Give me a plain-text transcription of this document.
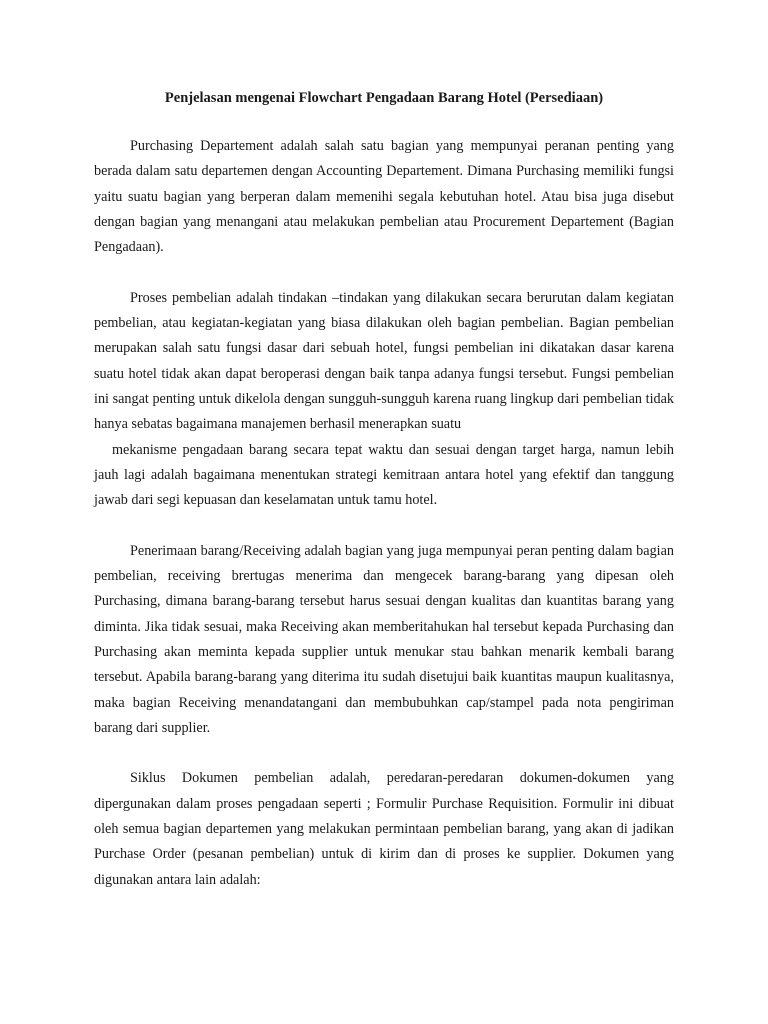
Penjelasan mengenai Flowchart Pengadaan Barang Hotel (Persediaan)

Purchasing Departement adalah salah satu bagian yang mempunyai peranan penting yang berada dalam satu departemen dengan Accounting Departement. Dimana Purchasing memiliki fungsi yaitu suatu bagian yang berperan dalam memenihi segala kebutuhan hotel. Atau bisa juga disebut dengan bagian yang menangani atau melakukan pembelian atau Procurement Departement (Bagian Pengadaan).

Proses pembelian adalah tindakan –tindakan yang dilakukan secara berurutan dalam kegiatan pembelian, atau kegiatan-kegiatan yang biasa dilakukan oleh bagian pembelian. Bagian pembelian merupakan salah satu fungsi dasar dari sebuah hotel, fungsi pembelian ini dikatakan dasar karena suatu hotel tidak akan dapat beroperasi dengan baik tanpa adanya fungsi tersebut. Fungsi pembelian ini sangat penting untuk dikelola dengan sungguh-sungguh karena ruang lingkup dari pembelian tidak hanya sebatas bagaimana manajemen berhasil menerapkan suatu

mekanisme pengadaan barang secara tepat waktu dan sesuai dengan target harga, namun lebih jauh lagi adalah bagaimana menentukan strategi kemitraan antara hotel yang efektif dan tanggung jawab dari segi kepuasan dan keselamatan untuk tamu hotel.

Penerimaan barang/Receiving adalah bagian yang juga mempunyai peran penting dalam bagian pembelian, receiving brertugas menerima dan mengecek barang-barang yang dipesan oleh Purchasing, dimana barang-barang tersebut harus sesuai dengan kualitas dan kuantitas barang yang diminta. Jika tidak sesuai, maka Receiving akan memberitahukan hal tersebut kepada Purchasing dan Purchasing akan meminta kepada supplier untuk menukar stau bahkan menarik kembali barang tersebut. Apabila barang-barang yang diterima itu sudah disetujui baik kuantitas maupun kualitasnya, maka bagian Receiving menandatangani dan membubuhkan cap/stampel pada nota pengiriman barang dari supplier.

Siklus Dokumen pembelian adalah, peredaran-peredaran dokumen-dokumen yang dipergunakan dalam proses pengadaan seperti ; Formulir Purchase Requisition. Formulir ini dibuat oleh semua bagian departemen yang melakukan permintaan pembelian barang, yang akan di jadikan Purchase Order (pesanan pembelian) untuk di kirim dan di proses ke supplier. Dokumen yang digunakan antara lain adalah:
